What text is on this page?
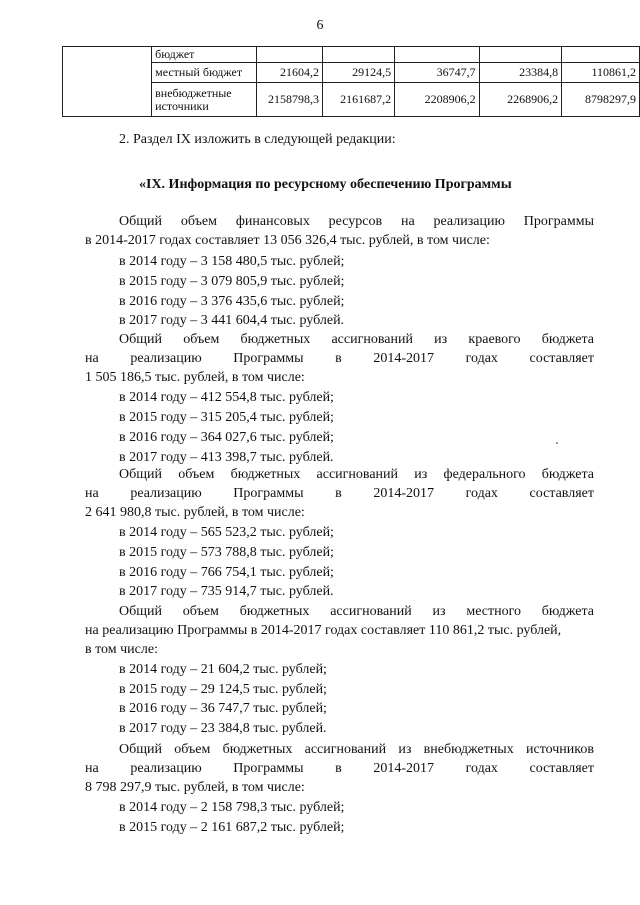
6
	бюджет					
	местный бюджет	21604,2	29124,5	36747,7	23384,8	110861,2
	внебюджетные источники	2158798,3	2161687,2	2208906,2	2268906,2	8798297,9
2. Раздел IX изложить в следующей редакции:
«IX. Информация по ресурсному обеспечению Программы
Общий объем финансовых ресурсов на реализацию Программы
в 2014-2017 годах составляет 13 056 326,4 тыс. рублей, в том числе:
в 2014 году – 3 158 480,5 тыс. рублей;
в 2015 году – 3 079 805,9 тыс. рублей;
в 2016 году – 3 376 435,6 тыс. рублей;
в 2017 году – 3 441 604,4 тыс. рублей.
Общий объем бюджетных ассигнований из краевого бюджета
на реализацию Программы в 2014-2017 годах составляет
1 505 186,5 тыс. рублей, в том числе:
в 2014 году – 412 554,8 тыс. рублей;
в 2015 году – 315 205,4 тыс. рублей;
в 2016 году – 364 027,6 тыс. рублей;
в 2017 году – 413 398,7 тыс. рублей.
Общий объем бюджетных ассигнований из федерального бюджета
на реализацию Программы в 2014-2017 годах составляет
2 641 980,8 тыс. рублей, в том числе:
в 2014 году – 565 523,2 тыс. рублей;
в 2015 году – 573 788,8 тыс. рублей;
в 2016 году – 766 754,1 тыс. рублей;
в 2017 году – 735 914,7 тыс. рублей.
Общий объем бюджетных ассигнований из местного бюджета
на реализацию Программы в 2014-2017 годах составляет 110 861,2 тыс. рублей,
в том числе:
в 2014 году – 21 604,2 тыс. рублей;
в 2015 году – 29 124,5 тыс. рублей;
в 2016 году – 36 747,7 тыс. рублей;
в 2017 году – 23 384,8 тыс. рублей.
Общий объем бюджетных ассигнований из внебюджетных источников
на реализацию Программы в 2014-2017 годах составляет
8 798 297,9 тыс. рублей, в том числе:
в 2014 году – 2 158 798,3 тыс. рублей;
в 2015 году – 2 161 687,2 тыс. рублей;
